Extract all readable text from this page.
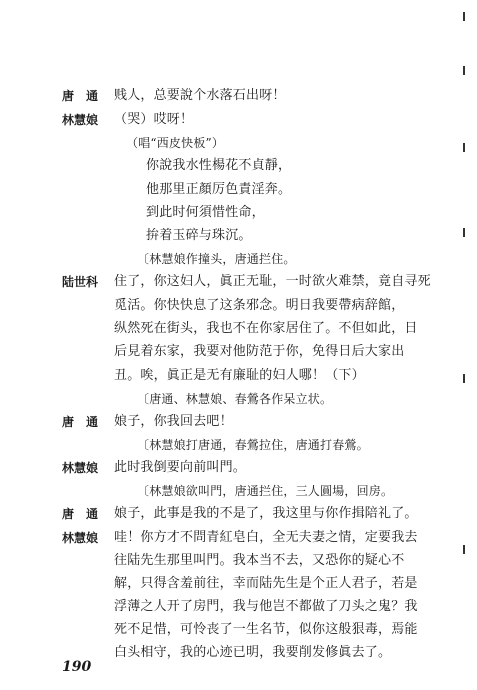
唐　通 贱人，总要說个水落石出呀！
林慧娘 （哭）哎呀！
（唱“西皮快板”）
你說我水性楊花不貞靜，
他那里正顏厉色責淫奔。
到此时何須惜性命，
拚着玉碎与珠沉。
〔林慧娘作撞头，唐通拦住。
陆世科 住了，你这妇人，眞正无耻，一时欲火难禁，竟自寻死
觅活。你快快息了这条邪念。明日我要帶病辞館，
纵然死在街头，我也不在你家居住了。不但如此，日
后見着东家，我要对他防范于你，免得日后大家出
丑。唉，眞正是无有廉耻的妇人哪！（下）
〔唐通、林慧娘、春鶯各作呆立状。
唐　通 娘子，你我回去吧！
〔林慧娘打唐通，春鶯拉住，唐通打春鶯。
林慧娘 此时我倒要向前叫門。
〔林慧娘欲叫門，唐通拦住，三人圓場，回房。
唐　通 娘子，此事是我的不是了，我这里与你作揖陪礼了。
林慧娘 哇！你方才不問青紅皂白，全无夫妻之情，定要我去
往陆先生那里叫門。我本当不去，又恐你的疑心不
解，只得含羞前往，幸而陆先生是个正人君子，若是
浮薄之人开了房門，我与他岂不都做了刀头之鬼？我
死不足惜，可怜丧了一生名节，似你这般狠毒，焉能
白头相守，我的心迹已明，我要削发修眞去了。
190
